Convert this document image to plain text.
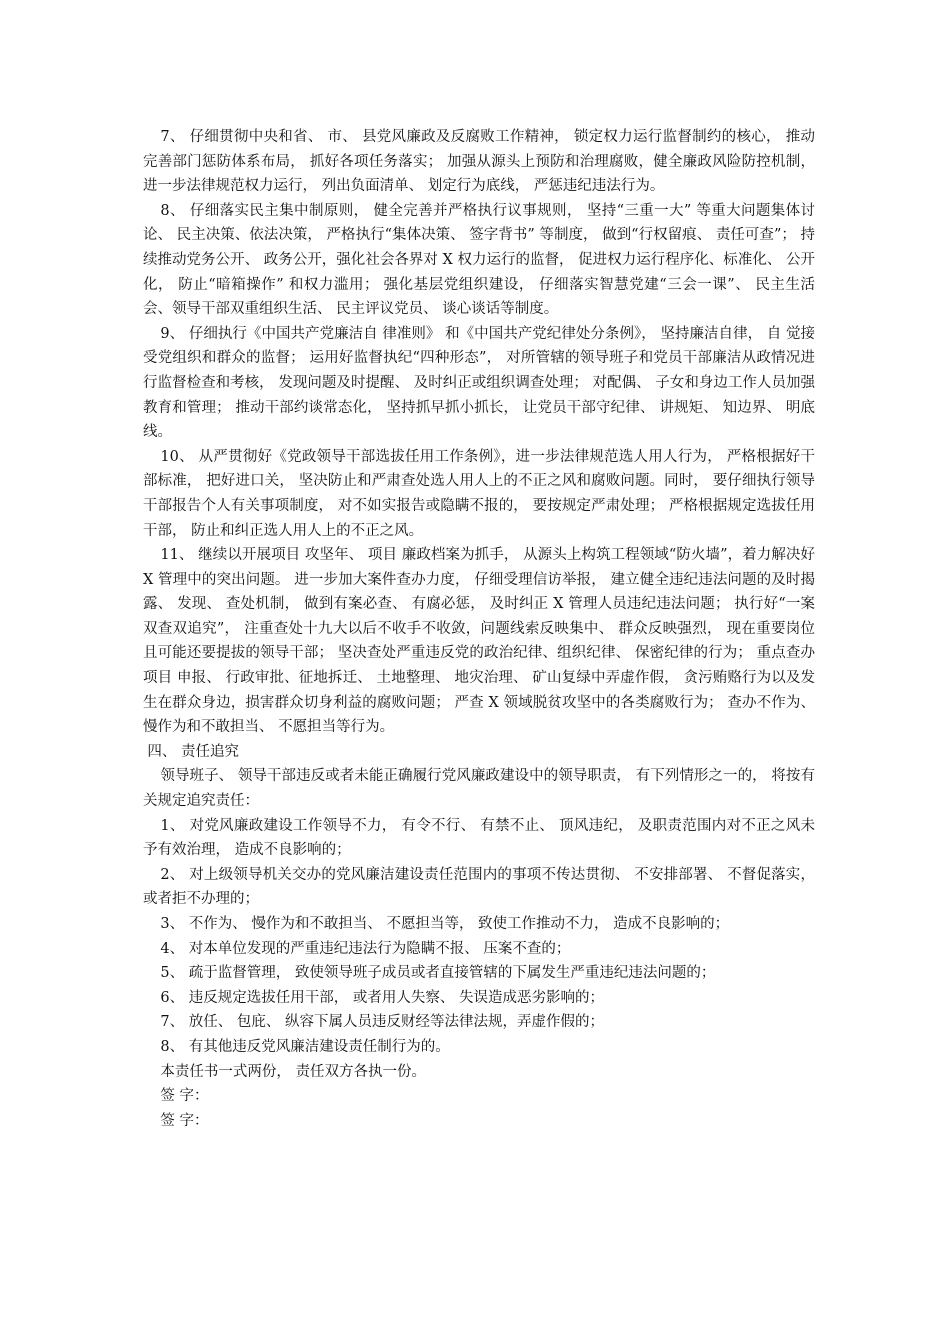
7、 仔细贯彻中央和省、 市、 县党风廉政及反腐败工作精神， 锁定权力运行监督制约的核心， 推动完善部门惩防体系布局， 抓好各项任务落实； 加强从源头上预防和治理腐败，健全廉政风险防控机制， 进一步法律规范权力运行， 列出负面清单、 划定行为底线， 严惩违纪违法行为。

8、 仔细落实民主集中制原则， 健全完善并严格执行议事规则， 坚持“三重一大” 等重大问题集体讨论、 民主决策、依法决策， 严格执行“集体决策、 签字背书” 等制度， 做到“行权留痕、 责任可查”； 持续推动党务公开、 政务公开，强化社会各界对 X 权力运行的监督， 促进权力运行程序化、标准化、 公开化， 防止“暗箱操作” 和权力滥用； 强化基层党组织建设， 仔细落实智慧党建“三会一课”、 民主生活会、领导干部双重组织生活、 民主评议党员、 谈心谈话等制度。

9、 仔细执行《中国共产党廉洁自 律准则》 和《中国共产党纪律处分条例》， 坚持廉洁自律， 自 觉接受党组织和群众的监督； 运用好监督执纪“四种形态”， 对所管辖的领导班子和党员干部廉洁从政情况进行监督检查和考核， 发现问题及时提醒、 及时纠正或组织调查处理； 对配偶、 子女和身边工作人员加强教育和管理； 推动干部约谈常态化， 坚持抓早抓小抓长， 让党员干部守纪律、 讲规矩、 知边界、 明底线。

10、 从严贯彻好《党政领导干部选拔任用工作条例》，进一步法律规范选人用人行为， 严格根据好干部标准， 把好进口关， 坚决防止和严肃查处选人用人上的不正之风和腐败问题。同时， 要仔细执行领导干部报告个人有关事项制度， 对不如实报告或隐瞒不报的， 要按规定严肃处理； 严格根据规定选拔任用干部， 防止和纠正选人用人上的不正之风。

11、 继续以开展项目 攻坚年、 项目 廉政档案为抓手， 从源头上构筑工程领域“防火墙”，着力解决好 X 管理中的突出问题。 进一步加大案件查办力度， 仔细受理信访举报， 建立健全违纪违法问题的及时揭露、 发现、 查处机制， 做到有案必查、 有腐必惩， 及时纠正 X 管理人员违纪违法问题； 执行好“一案双查双追究”， 注重查处十九大以后不收手不收敛，问题线索反映集中、 群众反映强烈， 现在重要岗位且可能还要提拔的领导干部； 坚决查处严重违反党的政治纪律、组织纪律、 保密纪律的行为； 重点查办项目 申报、 行政审批、征地拆迁、 土地整理、 地灾治理、 矿山复绿中弄虚作假， 贪污贿赂行为以及发生在群众身边，损害群众切身利益的腐败问题； 严查 X 领域脱贫攻坚中的各类腐败行为； 查办不作为、慢作为和不敢担当、 不愿担当等行为。

四、 责任追究

领导班子、 领导干部违反或者未能正确履行党风廉政建设中的领导职责， 有下列情形之一的， 将按有关规定追究责任：

1、 对党风廉政建设工作领导不力， 有令不行、 有禁不止、 顶风违纪， 及职责范围内对不正之风未予有效治理， 造成不良影响的；

2、 对上级领导机关交办的党风廉洁建设责任范围内的事项不传达贯彻、 不安排部署、 不督促落实， 或者拒不办理的；

3、 不作为、 慢作为和不敢担当、 不愿担当等， 致使工作推动不力， 造成不良影响的；

4、 对本单位发现的严重违纪违法行为隐瞒不报、 压案不查的；

5、 疏于监督管理， 致使领导班子成员或者直接管辖的下属发生严重违纪违法问题的；

6、 违反规定选拔任用干部， 或者用人失察、 失误造成恶劣影响的；

7、 放任、 包庇、 纵容下属人员违反财经等法律法规，弄虚作假的；

8、 有其他违反党风廉洁建设责任制行为的。

本责任书一式两份， 责任双方各执一份。

签 字：

签 字：
